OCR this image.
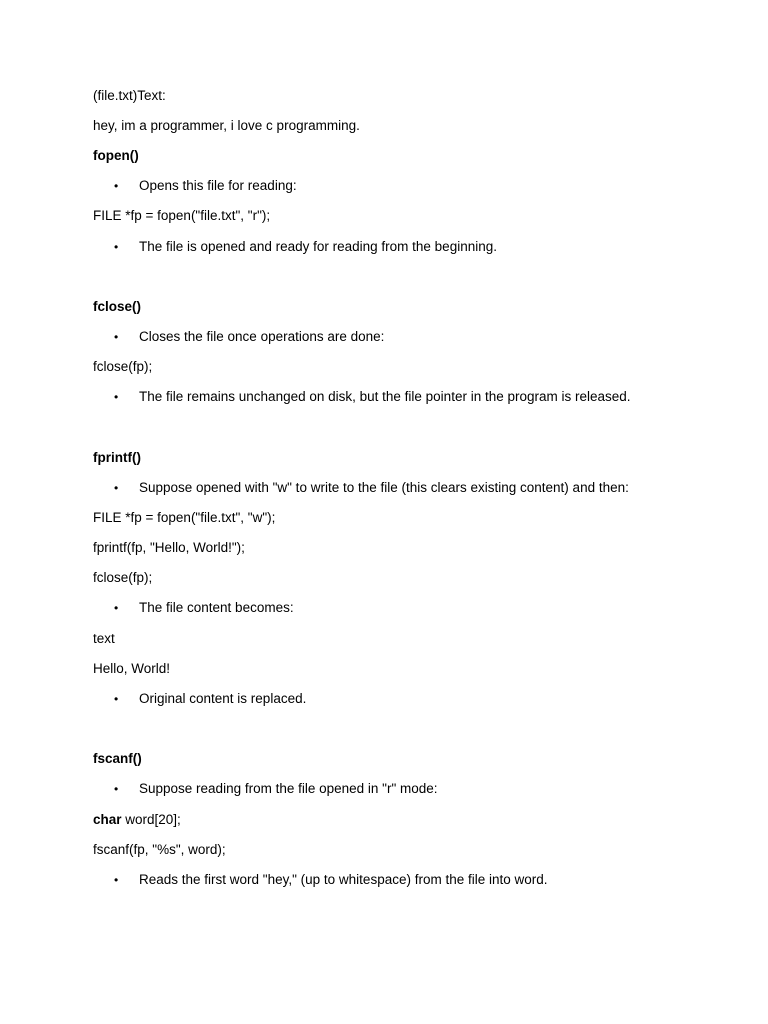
(file.txt)Text:
hey, im a programmer, i love c programming.
fopen()
• Opens this file for reading:
FILE *fp = fopen("file.txt", "r");
• The file is opened and ready for reading from the beginning.
fclose()
• Closes the file once operations are done:
fclose(fp);
• The file remains unchanged on disk, but the file pointer in the program is released.
fprintf()
• Suppose opened with "w" to write to the file (this clears existing content) and then:
FILE *fp = fopen("file.txt", "w");
fprintf(fp, "Hello, World!");
fclose(fp);
• The file content becomes:
text
Hello, World!
• Original content is replaced.
fscanf()
• Suppose reading from the file opened in "r" mode:
char word[20];
fscanf(fp, "%s", word);
• Reads the first word "hey," (up to whitespace) from the file into word.
